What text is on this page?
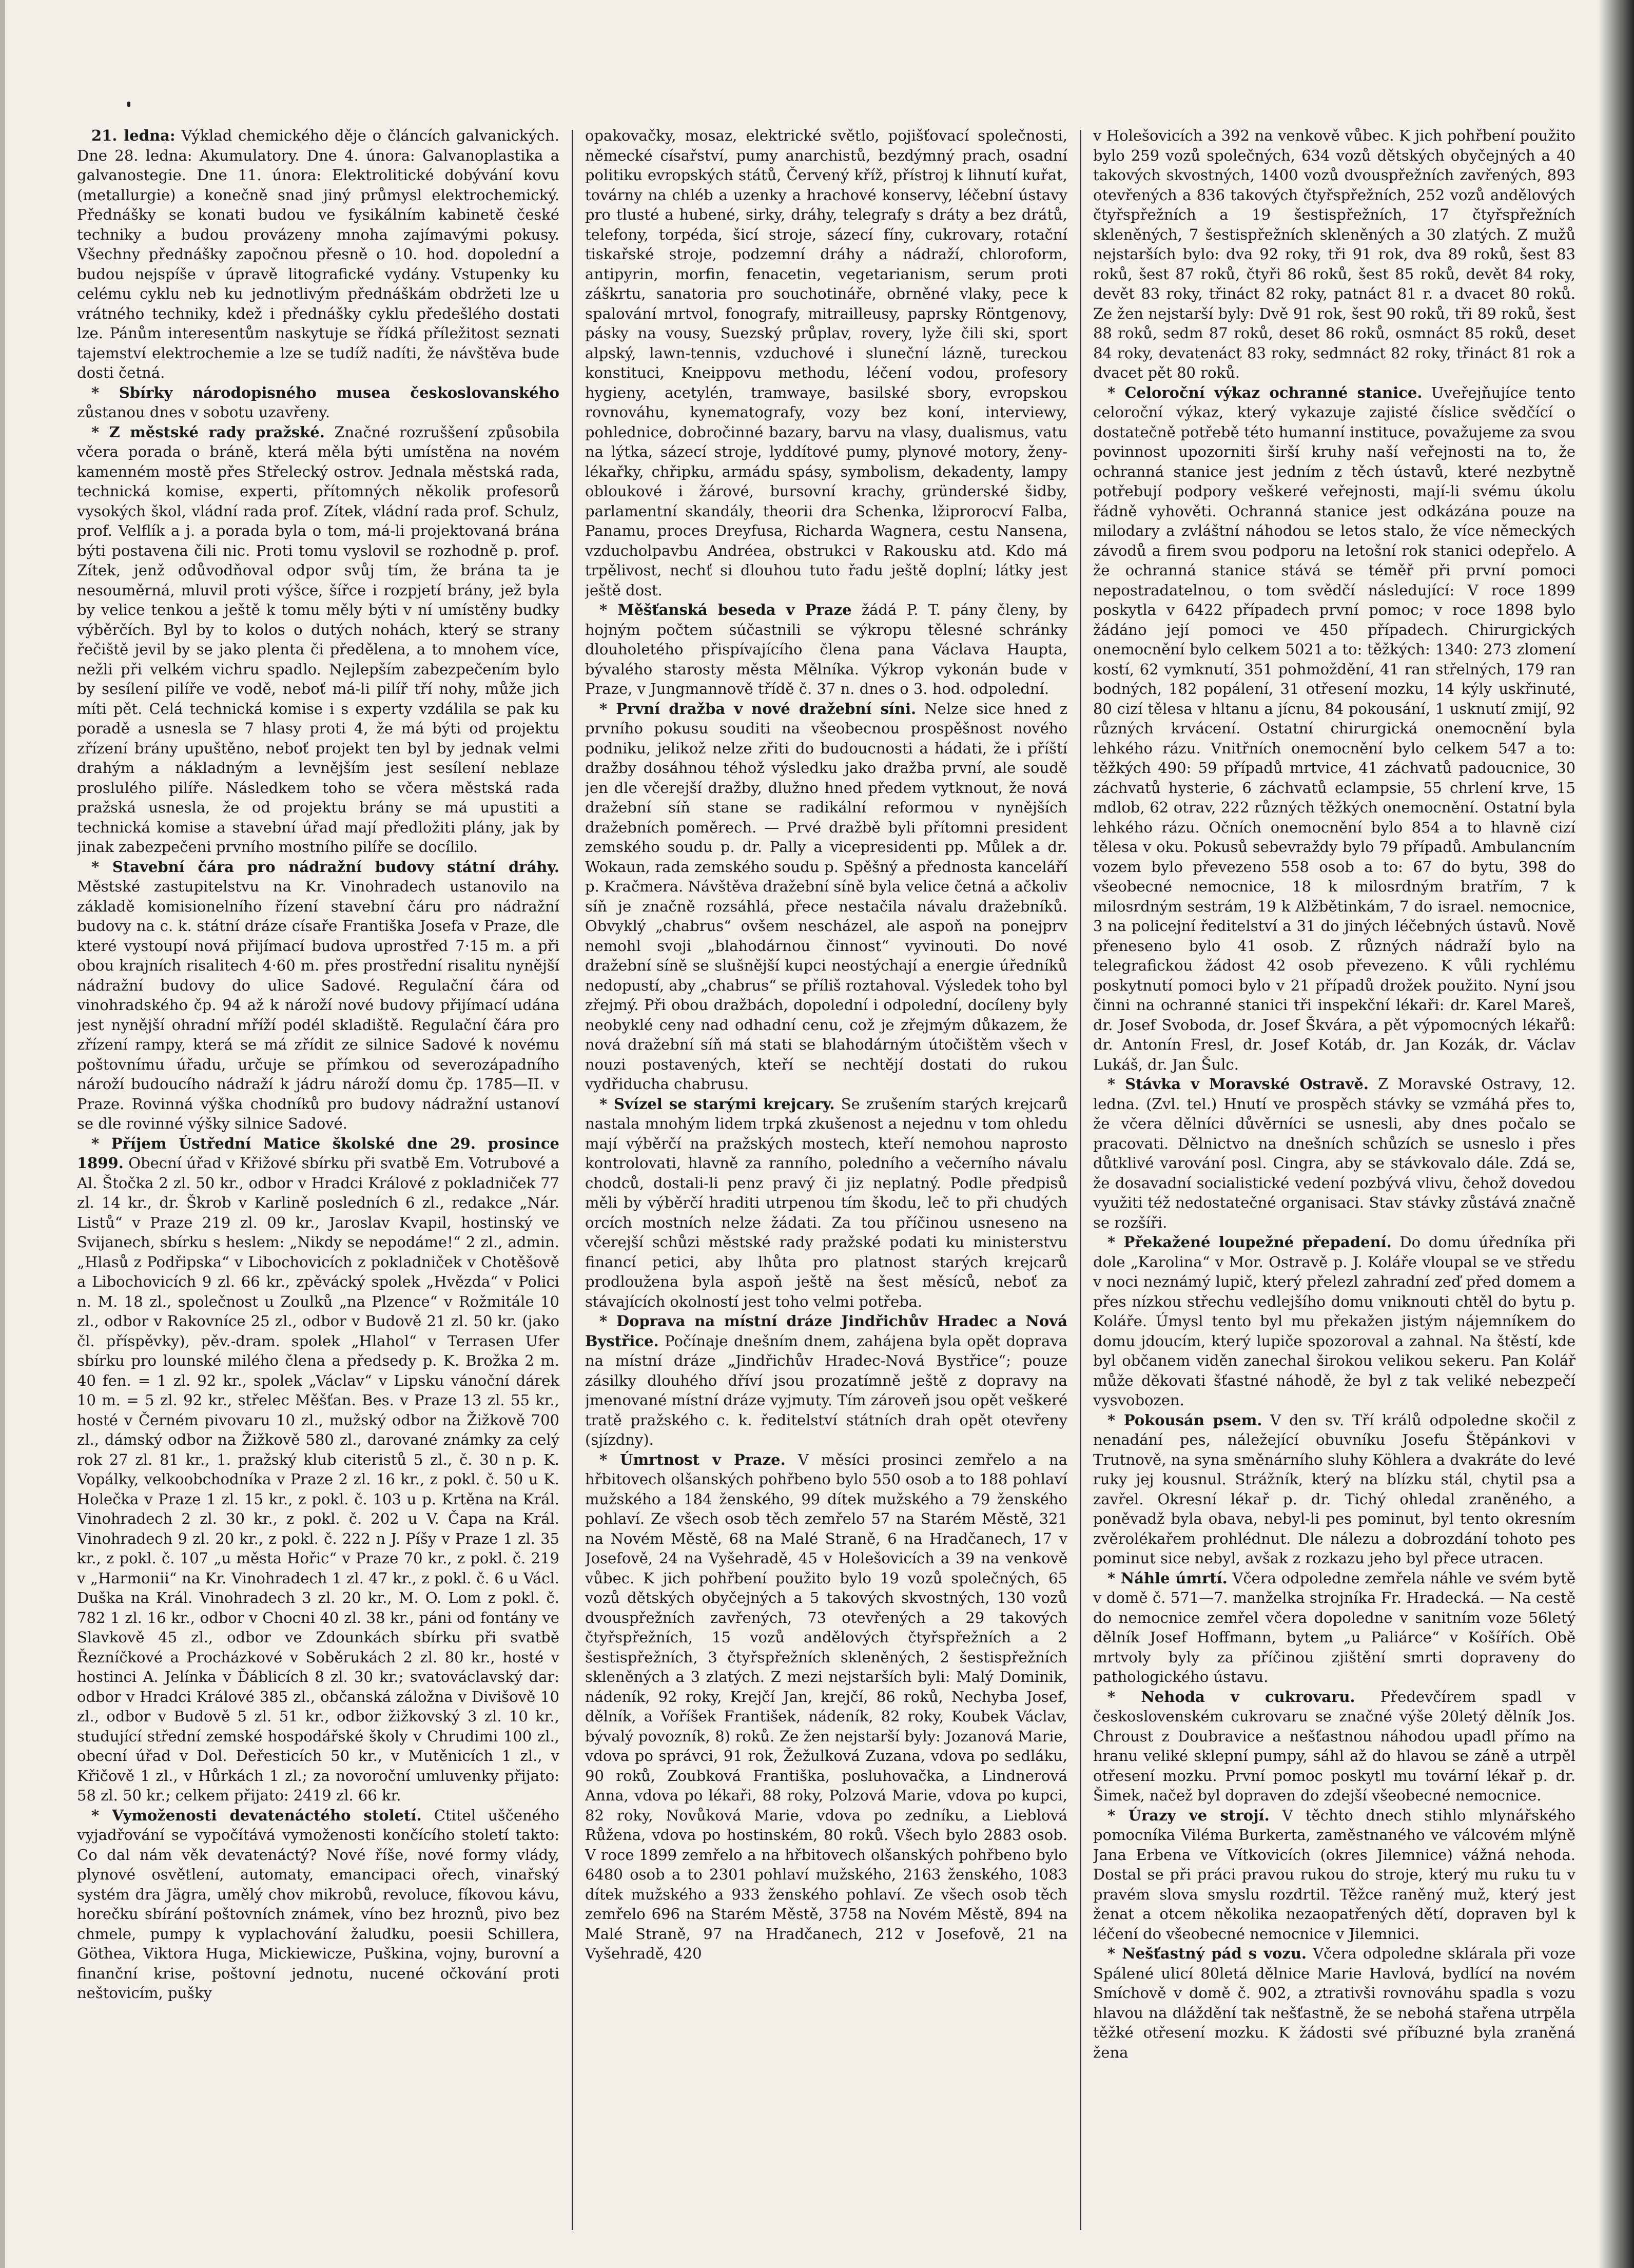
21. ledna: Výklad chemického děje o článcích galvanických. Dne 28. ledna: Akumulatory. Dne 4. února: Galvanoplastika a galvanostegie. Dne 11. února: Elektrolitické dobývání kovu (metallurgie) a konečně snad jiný průmysl elektrochemický. Přednášky se konati budou ve fysikálním kabinetě české techniky a budou provázeny mnoha zajímavými pokusy. Všechny přednášky započnou přesně o 10. hod. dopolední a budou nejspíše v úpravě litografické vydány. Vstupenky ku celému cyklu neb ku jednotlivým přednáškám obdržeti lze u vrátného techniky, kdež i přednášky cyklu předešlého dostati lze. Pánům interesentům naskytuje se řídká příležitost seznati tajemství elektrochemie a lze se tudíž nadíti, že návštěva bude dosti četná.

* Sbírky národopisného musea českoslovanského zůstanou dnes v sobotu uzavřeny.

* Z městské rady pražské. Značné rozruššení způsobila včera porada o bráně, která měla býti umístěna na novém kamenném mostě přes Střelecký ostrov. Jednala městská rada, technická komise, experti, přítomných několik profesorů vysokých škol, vládní rada prof. Zítek, vládní rada prof. Schulz, prof. Velflík a j. a porada byla o tom, má-li projektovaná brána býti postavena čili nic. Proti tomu vyslovil se rozhodně p. prof. Zítek, jenž odůvodňoval odpor svůj tím, že brána ta je nesouměrná, mluvil proti výšce, šířce i rozpjetí brány, jež byla by velice tenkou a ještě k tomu měly býti v ní umístěny budky výběrčích. Byl by to kolos o dutých nohách, který se strany řečiště jevil by se jako plenta či předělena, a to mnohem více, nežli při velkém vichru spadlo. Nejlepším zabezpečením bylo by sesílení pilíře ve vodě, neboť má-li pilíř tří nohy, může jich míti pět. Celá technická komise i s experty vzdálila se pak ku poradě a usnesla se 7 hlasy proti 4, že má býti od projektu zřízení brány upuštěno, neboť projekt ten byl by jednak velmi drahým a nákladným a levnějším jest sesílení neblaze proslulého pilíře. Následkem toho se včera městská rada pražská usnesla, že od projektu brány se má upustiti a technická komise a stavební úřad mají předložiti plány, jak by jinak zabezpečeni prvního mostního pilíře se docílilo.

* Stavební čára pro nádražní budovy státní dráhy. Městské zastupitelstvu na Kr. Vinohradech ustanovilo na základě komisionelního řízení stavební čáru pro nádražní budovy na c. k. státní dráze císaře Františka Josefa v Praze, dle které vystoupí nová přijímací budova uprostřed 7·15 m. a při obou krajních risalitech 4·60 m. přes prostřední risalitu nynější nádražní budovy do ulice Sadové. Regulační čára od vinohradského čp. 94 až k nároží nové budovy přijímací udána jest nynější ohradní mříží podél skladiště. Regulační čára pro zřízení rampy, která se má zřídit ze silnice Sadové k novému poštovnímu úřadu, určuje se přímkou od severozápadního nároží budoucího nádraží k jádru nároží domu čp. 1785—II. v Praze. Rovinná výška chodníků pro budovy nádražní ustanoví se dle rovinné výšky silnice Sadové.

* Příjem Ústřední Matice školské dne 29. prosince 1899. Obecní úřad v Křižové sbírku při svatbě Em. Votrubové a Al. Štočka 2 zl. 50 kr., odbor v Hradci Králové z pokladniček 77 zl. 14 kr., dr. Škrob v Karlině posledních 6 zl., redakce „Nár. Listů“ v Praze 219 zl. 09 kr., Jaroslav Kvapil, hostinský ve Svijanech, sbírku s heslem: „Nikdy se nepodáme!“ 2 zl., admin. „Hlasů z Podřipska“ v Libochovicích z pokladniček v Chotěšově a Libochovicích 9 zl. 66 kr., zpěvácký spolek „Hvězda“ v Polici n. M. 18 zl., společnost u Zoulků „na Plzence“ v Rožmitále 10 zl., odbor v Rakovníce 25 zl., odbor v Budově 21 zl. 50 kr. (jako čl. příspěvky), pěv.-dram. spolek „Hlahol“ v Terrasen Ufer sbírku pro lounské milého člena a předsedy p. K. Brožka 2 m. 40 fen. = 1 zl. 92 kr., spolek „Václav“ v Lipsku vánoční dárek 10 m. = 5 zl. 92 kr., střelec Měšťan. Bes. v Praze 13 zl. 55 kr., hosté v Černém pivovaru 10 zl., mužský odbor na Žižkově 700 zl., dámský odbor na Žižkově 580 zl., darované známky za celý rok 27 zl. 81 kr., 1. pražský klub citeristů 5 zl., č. 30 n p. K. Vopálky, velkoobchodníka v Praze 2 zl. 16 kr., z pokl. č. 50 u K. Holečka v Praze 1 zl. 15 kr., z pokl. č. 103 u p. Krtěna na Král. Vinohradech 2 zl. 30 kr., z pokl. č. 202 u V. Čapa na Král. Vinohradech 9 zl. 20 kr., z pokl. č. 222 n J. Píšy v Praze 1 zl. 35 kr., z pokl. č. 107 „u města Hořic“ v Praze 70 kr., z pokl. č. 219 v „Harmonii“ na Kr. Vinohradech 1 zl. 47 kr., z pokl. č. 6 u Václ. Duška na Král. Vinohradech 3 zl. 20 kr., M. O. Lom z pokl. č. 782 1 zl. 16 kr., odbor v Chocni 40 zl. 38 kr., páni od fontány ve Slavkově 45 zl., odbor ve Zdounkách sbírku při svatbě Řezníčkové a Procházkové v Soběrukách 2 zl. 80 kr., hosté v hostinci A. Jelínka v Ďáblicích 8 zl. 30 kr.; svatováclavský dar: odbor v Hradci Králové 385 zl., občanská záložna v Divišově 10 zl., odbor v Budově 5 zl. 51 kr., odbor žižkovský 3 zl. 10 kr., studující střední zemské hospodářské školy v Chrudimi 100 zl., obecní úřad v Dol. Deřesticích 50 kr., v Mutěnicích 1 zl., v Křičově 1 zl., v Hůrkách 1 zl.; za novoroční umluvenky přijato: 58 zl. 50 kr.; celkem přijato: 2419 zl. 66 kr.

* Vymoženosti devatenáctého století. Ctitel uščeného vyjadřování se vypočítává vymoženosti končícího století takto: Co dal nám věk devatenáctý? Nové říše, nové formy vlády, plynové osvětlení, automaty, emancipaci ořech, vinařský systém dra Jägra, umělý chov mikrobů, revoluce, fíkovou kávu, horečku sbírání poštovních známek, víno bez hroznů, pivo bez chmele, pumpy k vyplachování žaludku, poesii Schillera, Göthea, Viktora Huga, Mickiewicze, Puškina, vojny, burovní a finanční krise, poštovní jednotu, nucené očkování proti neštovicím, pušky

opakovačky, mosaz, elektrické světlo, pojišťovací společnosti, německé císařství, pumy anarchistů, bezdýmný prach, osadní politiku evropských států, Červený kříž, přístroj k lihnutí kuřat, továrny na chléb a uzenky a hrachové konservy, léčební ústavy pro tlusté a hubené, sirky, dráhy, telegrafy s dráty a bez drátů, telefony, torpéda, šicí stroje, sázecí fíny, cukrovary, rotační tiskařské stroje, podzemní dráhy a nádraží, chloroform, antipyrin, morfin, fenacetin, vegetarianism, serum proti záškrtu, sanatoria pro souchotináře, obrněné vlaky, pece k spalování mrtvol, fonografy, mitrailleusy, paprsky Röntgenovy, pásky na vousy, Suezský průplav, rovery, lyže čili ski, sport alpský, lawn-tennis, vzduchové i sluneční lázně, tureckou konstituci, Kneippovu methodu, léčení vodou, profesory hygieny, acetylén, tramwaye, basilské sbory, evropskou rovnováhu, kynematografy, vozy bez koní, interviewy, pohlednice, dobročinné bazary, barvu na vlasy, dualismus, vatu na lýtka, sázecí stroje, lyddítové pumy, plynové motory, ženy-lékařky, chřipku, armádu spásy, symbolism, dekadenty, lampy obloukové i žárové, bursovní krachy, gründerské šidby, parlamentní skandály, theorii dra Schenka, lžiprorocví Falba, Panamu, proces Dreyfusa, Richarda Wagnera, cestu Nansena, vzducholpavbu Andréea, obstrukci v Rakousku atd. Kdo má trpělivost, nechť si dlouhou tuto řadu ještě doplní; látky jest ještě dost.

* Měšťanská beseda v Praze žádá P. T. pány členy, by hojným počtem súčastnili se výkropu tělesné schránky dlouholetého přispívajícího člena pana Václava Haupta, bývalého starosty města Mělníka. Výkrop vykonán bude v Praze, v Jungmannově třídě č. 37 n. dnes o 3. hod. odpolední.

* První dražba v nové dražební síni. Nelze sice hned z prvního pokusu souditi na všeobecnou prospěšnost nového podniku, jelikož nelze zřiti do budoucnosti a hádati, že i příští dražby dosáhnou téhož výsledku jako dražba první, ale soudě jen dle včerejší dražby, dlužno hned předem vytknout, že nová dražební síň stane se radikální reformou v nynějších dražebních poměrech. — Prvé dražbě byli přítomni president zemského soudu p. dr. Pally a vicepresidenti pp. Můlek a dr. Wokaun, rada zemského soudu p. Spěšný a přednosta kanceláří p. Kračmera. Návštěva dražební síně byla velice četná a ačkoliv síň je značně rozsáhlá, přece nestačila návalu dražebníků. Obvyklý „chabrus“ ovšem nescházel, ale aspoň na ponejprv nemohl svoji „blahodárnou činnost“ vyvinouti. Do nové dražební síně se slušnější kupci neostýchají a energie úředníků nedopustí, aby „chabrus“ se příliš roztahoval. Výsledek toho byl zřejmý. Při obou dražbách, dopolední i odpolední, docíleny byly neobyklé ceny nad odhadní cenu, což je zřejmým důkazem, že nová dražební síň má stati se blahodárným útočištěm všech v nouzi postavených, kteří se nechtějí dostati do rukou vydřiducha chabrusu.

* Svízel se starými krejcary. Se zrušením starých krejcarů nastala mnohým lidem trpká zkušenost a nejednu v tom ohledu mají výběrčí na pražských mostech, kteří nemohou naprosto kontrolovati, hlavně za ranního, poledního a večerního návalu chodců, dostali-li penz pravý či jiz neplatný. Podle předpisů měli by výběrčí hraditi utrpenou tím škodu, leč to při chudých orcích mostních nelze žádati. Za tou příčinou usneseno na včerejší schůzi městské rady pražské podati ku ministerstvu financí petici, aby lhůta pro platnost starých krejcarů prodloužena byla aspoň ještě na šest měsíců, neboť za stávajících okolností jest toho velmi potřeba.

* Doprava na místní dráze Jindřichův Hradec a Nová Bystřice. Počínaje dnešním dnem, zahájena byla opět doprava na místní dráze „Jindřichův Hradec-Nová Bystřice“; pouze zásilky dlouhého dříví jsou prozatímně ještě z dopravy na jmenované místní dráze vyjmuty. Tím zároveň jsou opět veškeré tratě pražského c. k. ředitelství státních drah opět otevřeny (sjízdny).

* Úmrtnost v Praze. V měsíci prosinci zemřelo a na hřbitovech olšanských pohřbeno bylo 550 osob a to 188 pohlaví mužského a 184 ženského, 99 dítek mužského a 79 ženského pohlaví. Ze všech osob těch zemřelo 57 na Starém Městě, 321 na Novém Městě, 68 na Malé Straně, 6 na Hradčanech, 17 v Josefově, 24 na Vyšehradě, 45 v Holešovicích a 39 na venkově vůbec. K jich pohřbení použito bylo 19 vozů společných, 65 vozů dětských obyčejných a 5 takových skvostných, 130 vozů dvouspřežních zavřených, 73 otevřených a 29 takových čtyřspřežních, 15 vozů andělových čtyřspřežních a 2 šestispřežních, 3 čtyřspřežních skleněných, 2 šestispřežních skleněných a 3 zlatých. Z mezi nejstarších byli: Malý Dominik, nádeník, 92 roky, Krejčí Jan, krejčí, 86 roků, Nechyba Josef, dělník, a Voříšek František, nádeník, 82 roky, Koubek Václav, bývalý povozník, 8) roků. Ze žen nejstarší byly: Jozanová Marie, vdova po správci, 91 rok, Žežulková Zuzana, vdova po sedláku, 90 roků, Zoubková Františka, posluhovačka, a Lindnerová Anna, vdova po lékaři, 88 roky, Polzová Marie, vdova po kupci, 82 roky, Novůková Marie, vdova po zedníku, a Lieblová Růžena, vdova po hostinském, 80 roků. Všech bylo 2883 osob. V roce 1899 zemřelo a na hřbitovech olšanských pohřbeno bylo 6480 osob a to 2301 pohlaví mužského, 2163 ženského, 1083 dítek mužského a 933 ženského pohlaví. Ze všech osob těch zemřelo 696 na Starém Městě, 3758 na Novém Městě, 894 na Malé Straně, 97 na Hradčanech, 212 v Josefově, 21 na Vyšehradě, 420

v Holešovicích a 392 na venkově vůbec. K jich pohřbení použito bylo 259 vozů společných, 634 vozů dětských obyčejných a 40 takových skvostných, 1400 vozů dvouspřežních zavřených, 893 otevřených a 836 takových čtyřspřežních, 252 vozů andělových čtyřspřežních a 19 šestispřežních, 17 čtyřspřežních skleněných, 7 šestispřežních skleněných a 30 zlatých. Z mužů nejstarších bylo: dva 92 roky, tři 91 rok, dva 89 roků, šest 83 roků, šest 87 roků, čtyři 86 roků, šest 85 roků, devět 84 roky, devět 83 roky, třináct 82 roky, patnáct 81 r. a dvacet 80 roků. Ze žen nejstarší byly: Dvě 91 rok, šest 90 roků, tři 89 roků, šest 88 roků, sedm 87 roků, deset 86 roků, osmnáct 85 roků, deset 84 roky, devatenáct 83 roky, sedmnáct 82 roky, třináct 81 rok a dvacet pět 80 roků.

* Celoroční výkaz ochranné stanice. Uveřejňujíce tento celoroční výkaz, který vykazuje zajisté číslice svědčící o dostatečně potřebě této humanní instituce, považujeme za svou povinnost upozorniti širší kruhy naší veřejnosti na to, že ochranná stanice jest jedním z těch ústavů, které nezbytně potřebují podpory veškeré veřejnosti, mají-li svému úkolu řádně vyhověti. Ochranná stanice jest odkázána pouze na milodary a zvláštní náhodou se letos stalo, že více německých závodů a firem svou podporu na letošní rok stanici odepřelo. A že ochranná stanice stává se téměř při první pomoci nepostradatelnou, o tom svědčí následující: V roce 1899 poskytla v 6422 případech první pomoc; v roce 1898 bylo žádáno její pomoci ve 450 případech. Chirurgických onemocnění bylo celkem 5021 a to: těžkých: 1340: 273 zlomení kostí, 62 vymknutí, 351 pohmoždění, 41 ran střelných, 179 ran bodných, 182 popálení, 31 otřesení mozku, 14 kýly uskřinuté, 80 cizí tělesa v hltanu a jícnu, 84 pokousání, 1 usknutí zmijí, 92 různých krvácení. Ostatní chirurgická onemocnění byla lehkého rázu. Vnitřních onemocnění bylo celkem 547 a to: těžkých 490: 59 případů mrtvice, 41 záchvatů padoucnice, 30 záchvatů hysterie, 6 záchvatů eclampsie, 55 chrlení krve, 15 mdlob, 62 otrav, 222 různých těžkých onemocnění. Ostatní byla lehkého rázu. Očních onemocnění bylo 854 a to hlavně cizí tělesa v oku. Pokusů sebevraždy bylo 79 případů. Ambulancním vozem bylo převezeno 558 osob a to: 67 do bytu, 398 do všeobecné nemocnice, 18 k milosrdným bratřím, 7 k milosrdným sestrám, 19 k Alžbětinkám, 7 do israel. nemocnice, 3 na policejní ředitelství a 31 do jiných léčebných ústavů. Nově přeneseno bylo 41 osob. Z různých nádraží bylo na telegrafickou žádost 42 osob převezeno. K vůli rychlému poskytnutí pomoci bylo v 21 případů drožek použito. Nyní jsou činni na ochranné stanici tři inspekční lékaři: dr. Karel Mareš, dr. Josef Svoboda, dr. Josef Škvára, a pět výpomocných lékařů: dr. Antonín Fresl, dr. Josef Kotáb, dr. Jan Kozák, dr. Václav Lukáš, dr. Jan Šulc.

* Stávka v Moravské Ostravě. Z Moravské Ostravy, 12. ledna. (Zvl. tel.) Hnutí ve prospěch stávky se vzmáhá přes to, že včera dělníci důvěrníci se usnesli, aby dnes počalo se pracovati. Dělnictvo na dnešních schůzích se usneslo i přes důtklivé varování posl. Cingra, aby se stávkovalo dále. Zdá se, že dosavadní socialistické vedení pozbývá vlivu, čehož dovedou využiti též nedostatečné organisaci. Stav stávky zůstává značně se rozšíři.

* Překažené loupežné přepadení. Do domu úředníka při dole „Karolina“ v Mor. Ostravě p. J. Koláře vloupal se ve středu v noci neznámý lupič, který přelezl zahradní zeď před domem a přes nízkou střechu vedlejšího domu vniknouti chtěl do bytu p. Koláře. Úmysl tento byl mu překažen jistým nájemníkem do domu jdoucím, který lupiče spozoroval a zahnal. Na štěstí, kde byl občanem viděn zanechal širokou velikou sekeru. Pan Kolář může děkovati šťastné náhodě, že byl z tak veliké nebezpečí vysvobozen.

* Pokousán psem. V den sv. Tří králů odpoledne skočil z nenadání pes, náležející obuvníku Josefu Štěpánkovi v Trutnově, na syna směnárního sluhy Köhlera a dvakráte do levé ruky jej kousnul. Strážník, který na blízku stál, chytil psa a zavřel. Okresní lékař p. dr. Tichý ohledal zraněného, a poněvadž byla obava, nebyl-li pes pominut, byl tento okresním zvěrolékařem prohlédnut. Dle nálezu a dobrozdání tohoto pes pominut sice nebyl, avšak z rozkazu jeho byl přece utracen.

* Náhle úmrtí. Včera odpoledne zemřela náhle ve svém bytě v domě č. 571—7. manželka strojníka Fr. Hradecká. — Na cestě do nemocnice zemřel včera dopoledne v sanitním voze 56letý dělník Josef Hoffmann, bytem „u Paliárce“ v Košířích. Obě mrtvoly byly za příčinou zjištění smrti dopraveny do pathologického ústavu.

* Nehoda v cukrovaru. Předevčírem spadl v československém cukrovaru se značné výše 20letý dělník Jos. Chroust z Doubravice a nešťastnou náhodou upadl přímo na hranu veliké sklepní pumpy, sáhl až do hlavou se záně a utrpěl otřesení mozku. První pomoc poskytl mu tovární lékař p. dr. Šimek, načež byl dopraven do zdejší všeobecné nemocnice.

* Úrazy ve strojí. V těchto dnech stihlo mlynářského pomocníka Viléma Burkerta, zaměstnaného ve válcovém mlýně Jana Erbena ve Vítkovicích (okres Jilemnice) vážná nehoda. Dostal se při práci pravou rukou do stroje, který mu ruku tu v pravém slova smyslu rozdrtil. Těžce raněný muž, který jest ženat a otcem několika nezaopatřených dětí, dopraven byl k léčení do všeobecné nemocnice v Jilemnici.

* Nešťastný pád s vozu. Včera odpoledne sklárala při voze Spálené ulicí 80letá dělnice Marie Havlová, bydlící na novém Smíchově v domě č. 902, a ztrativši rovnováhu spadla s vozu hlavou na dláždění tak nešťastně, že se nebohá stařena utrpěla těžké otřesení mozku. K žádosti své příbuzné byla zraněná žena
